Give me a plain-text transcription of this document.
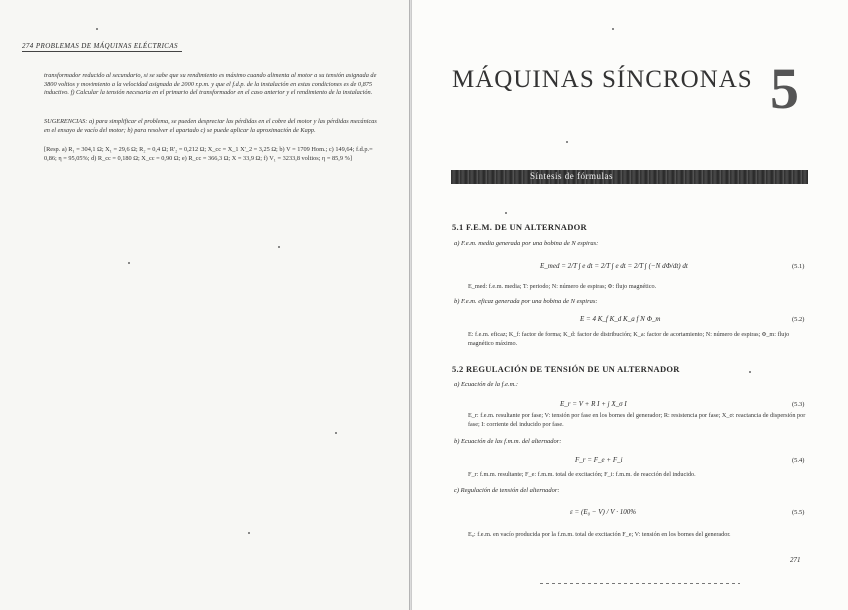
274 PROBLEMAS DE MÁQUINAS ELÉCTRICAS
transformador reducido al secundario, si se sabe que su rendimiento es máximo cuando alimenta al motor a su tensión asignada de 3800 voltios y movimiento a la velocidad asignada de 2000 r.p.m. y que el f.d.p. de la instalación en estas condiciones es de 0,875 inductivo. f) Calcular la tensión necesaria en el primario del transformador en el caso anterior y el rendimiento de la instalación.
SUGERENCIAS: a) para simplificar el problema, se pueden despreciar las pérdidas en el cobre del motor y las pérdidas mecánicas en el ensayo de vacío del motor; b) para resolver el apartado c) se puede aplicar la aproximación de Kapp.
[Resp. a) R₁ = 304,1 Ω; X₁ = 29,6 Ω; R₂ = 0,4 Ω; R'₂ = 0,212 Ω; X_cc = X_1 X'_2 = 3,25 Ω; b) V = 1709 Hom.; c) 149,64; f.d.p.= 0,86; η = 95,05%; d) R_cc = 0,180 Ω; X_cc = 0,90 Ω; e) R_cc = 366,3 Ω; X = 33,9 Ω; f) V₁ = 3233,8 voltios; η = 85,9 %]
MÁQUINAS SÍNCRONAS 5
Síntesis de fórmulas
5.1 F.E.M. DE UN ALTERNADOR
a) F.e.m. media generada por una bobina de N espiras:
E_med = 2/T ∫ e dt = 2/T ∫ e dt = 2/T ∫ (−N dΦ/dt) dt	(5.1)
E_med: f.e.m. media; T: periodo; N: número de espiras; Φ: flujo magnético.
b) F.e.m. eficaz generada por una bobina de N espiras:
E = 4 K_f K_d K_a f N Φ_m	(5.2)
E: f.e.m. eficaz; K_f: factor de forma; K_d: factor de distribución; K_a: factor de acortamiento; N: número de espiras; Φ_m: flujo magnético máximo.
5.2 REGULACIÓN DE TENSIÓN DE UN ALTERNADOR
a) Ecuación de la f.e.m.:
E_r = V + R I + j X_σ I	(5.3)
E_r: f.e.m. resultante por fase; V: tensión por fase en los bornes del generador; R: resistencia por fase; X_σ: reactancia de dispersión por fase; I: corriente del inducido por fase.
b) Ecuación de las f.m.m. del alternador:
F_r = F_e + F_i	(5.4)
F_r: f.m.m. resultante; F_e: f.m.m. total de excitación; F_i: f.m.m. de reacción del inducido.
c) Regulación de tensión del alternador:
ε = (E₀ − V) / V · 100%	(5.5)
E₀: f.e.m. en vacío producida por la f.m.m. total de excitación F_e; V: tensión en los bornes del generador.
271
